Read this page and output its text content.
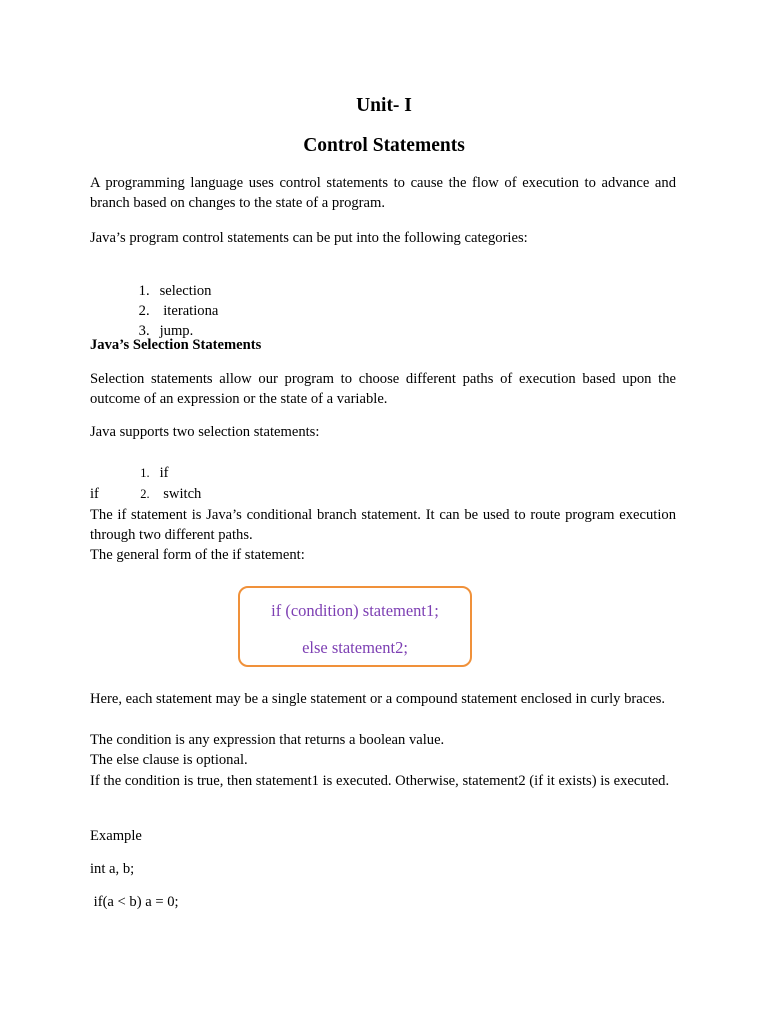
Unit- I
Control Statements
A programming language uses control statements to cause the flow of execution to advance and branch based on changes to the state of a program.
Java’s program control statements can be put into the following categories:

1. selection

2. iterationa

3. jump.

Java’s Selection Statements
Selection statements allow our program to choose different paths of execution based upon the outcome of an expression or the state of a variable.
Java supports two selection statements:

1. if

2. switch

if
The if statement is Java’s conditional branch statement. It can be used to route program execution through two different paths.
The general form of the if statement:
if (condition) statement1;
else statement2;
Here, each statement may be a single statement or a compound statement enclosed in curly braces.
The condition is any expression that returns a boolean value.
The else clause is optional.
If the condition is true, then statement1 is executed. Otherwise, statement2 (if it exists) is executed.
Example
int a, b;
if(a < b) a = 0;
